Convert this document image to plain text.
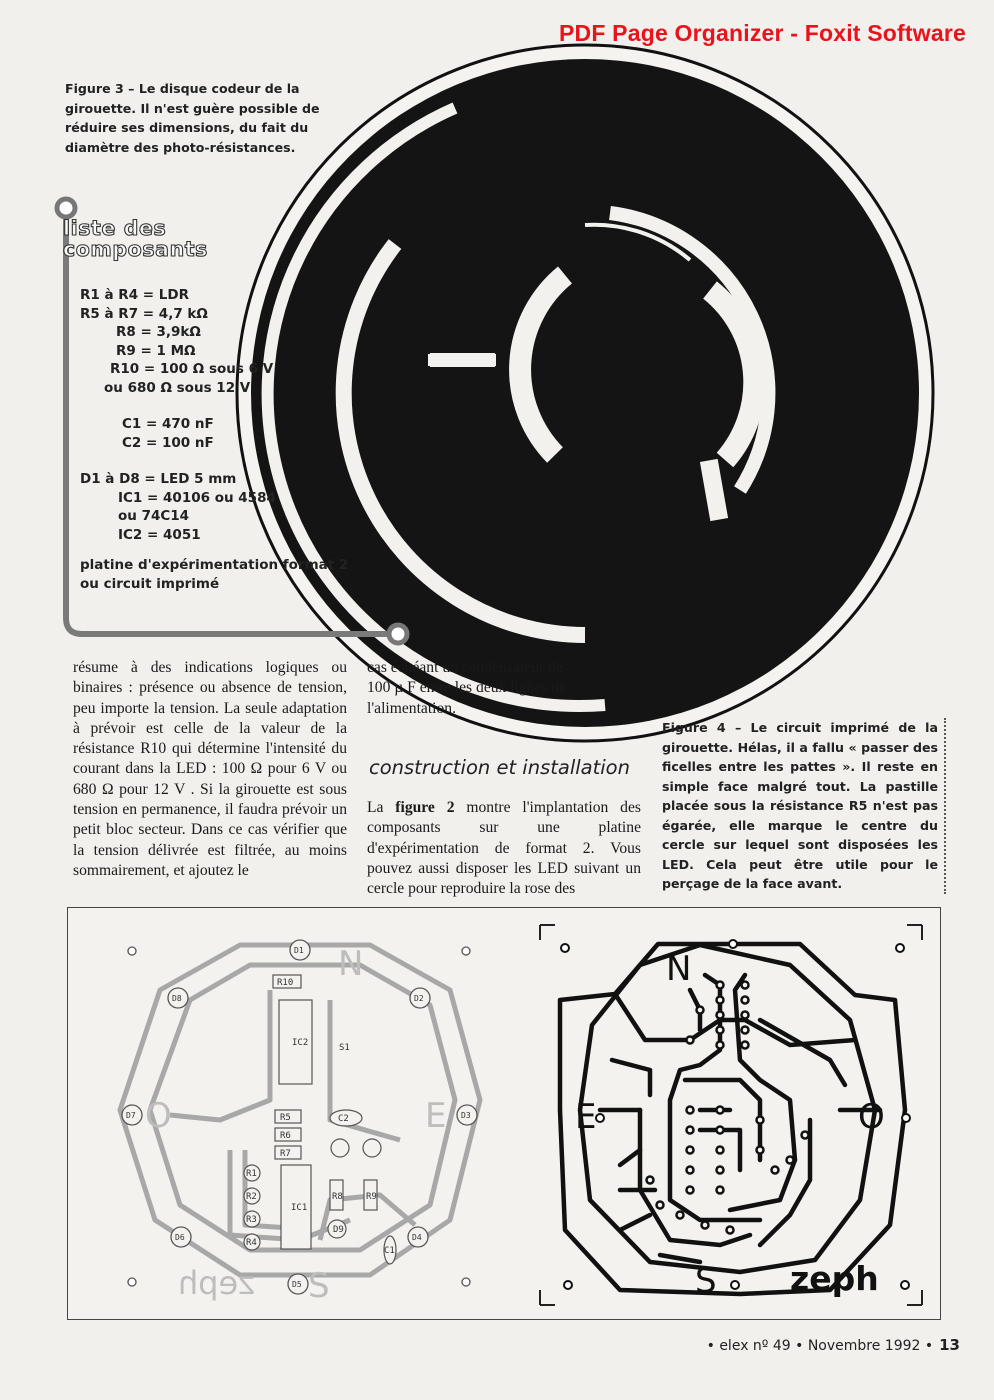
PDF Page Organizer - Foxit Software
Figure 3 – Le disque codeur de la girouette. Il n'est guère possible de réduire ses dimensions, du fait du diamètre des photo-résistances.
liste des
composants
R1 à R4 = LDR
R5 à R7 = 4,7 kΩ
R8 = 3,9kΩ
R9 = 1 MΩ
R10 = 100 Ω sous 6 V
ou 680 Ω sous 12 V
C1 = 470 nF
C2 = 100 nF
D1 à D8 = LED 5 mm
IC1 = 40106 ou 4584
ou 74C14
IC2 = 4051
platine d'expérimentation format 2
ou circuit imprimé
résume à des indications logiques ou binaires : présence ou absence de tension, peu importe la tension. La seule adaptation à prévoir est celle de la valeur de la résistance R10 qui détermine l'intensité du courant dans la LED : 100 Ω pour 6 V ou 680 Ω pour 12 V . Si la girouette est sous tension en permanence, il faudra prévoir un petit bloc secteur. Dans ce cas vérifier que la tension délivrée est filtrée, au moins sommairement, et ajoutez le
cas échéant un condensateur de 100 µ F entre les deux lignes de l'alimentation.
construction et installation
La figure 2 montre l'implantation des composants sur une platine d'expérimentation de format 2. Vous pouvez aussi disposer les LED suivant un cercle pour reproduire la rose des
Figure 4 – Le circuit imprimé de la girouette. Hélas, il a fallu « passer des ficelles entre les pattes ». Il reste en simple face malgré tout. La pastille placée sous la résistance R5 n'est pas égarée, elle marque le centre du cercle sur lequel sont disposées les LED. Cela peut être utile pour le perçage de la face avant.
R10
IC2	S1
R5
R6
R7
C2
IC1
R8	R9
D9
C1
R1
R2
R3
R4
D1
D2
D3
D4
D5
D6
D7
D8
N
E
S
O
zeph
N
E	O
S zeph
• elex nº 49 • Novembre 1992 • 13
